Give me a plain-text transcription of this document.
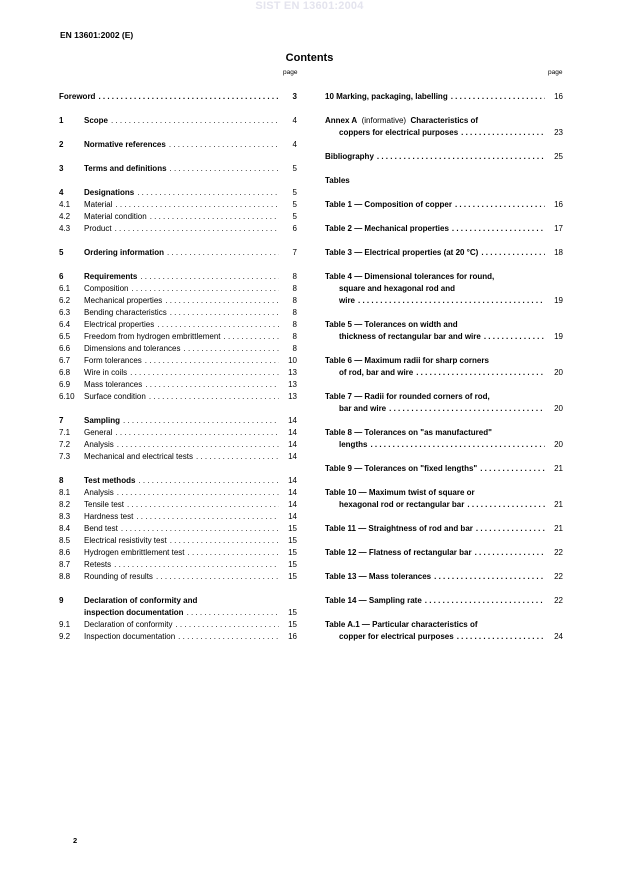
SIST EN 13601:2004
EN 13601:2002 (E)
Contents
page	page
Foreword . . .	3
1	Scope . . .	4
2	Normative references . . .	4
3	Terms and definitions . . .	5
4	Designations . . .	5
4.1	Material . . .	5
4.2	Material condition . . .	5
4.3	Product . . .	6
5	Ordering information . . .	7
6	Requirements . . .	8
6.1	Composition . . .	8
6.2	Mechanical properties . . .	8
6.3	Bending characteristics . . .	8
6.4	Electrical properties . . .	8
6.5	Freedom from hydrogen embrittlement . . .	8
6.6	Dimensions and tolerances . . .	8
6.7	Form tolerances . . .	10
6.8	Wire in coils . . .	13
6.9	Mass tolerances . . .	13
6.10	Surface condition . . .	13
7	Sampling . . .	14
7.1	General . . .	14
7.2	Analysis . . .	14
7.3	Mechanical and electrical tests . . .	14
8	Test methods . . .	14
8.1	Analysis . . .	14
8.2	Tensile test . . .	14
8.3	Hardness test . . .	14
8.4	Bend test . . .	15
8.5	Electrical resistivity test . . .	15
8.6	Hydrogen embrittlement test . . .	15
8.7	Retests . . .	15
8.8	Rounding of results . . .	15
9	Declaration of conformity and
inspection documentation . . .	15
9.1	Declaration of conformity . . .	15
9.2	Inspection documentation . . .	16
10 Marking, packaging, labelling . . .	16
Annex A (informative) Characteristics of
coppers for electrical purposes . . .	23
Bibliography . . .	25
Tables
Table 1 — Composition of copper . . .	16
Table 2 — Mechanical properties . . .	17
Table 3 — Electrical properties (at 20 °C) . . .	18
Table 4 — Dimensional tolerances for round,
square and hexagonal rod and
wire . . .	19
Table 5 — Tolerances on width and
thickness of rectangular bar and wire . . .	19
Table 6 — Maximum radii for sharp corners
of rod, bar and wire . . .	20
Table 7 — Radii for rounded corners of rod,
bar and wire . . .	20
Table 8 — Tolerances on "as manufactured"
lengths . . .	20
Table 9 — Tolerances on "fixed lengths" . . .	21
Table 10 — Maximum twist of square or
hexagonal rod or rectangular bar . . .	21
Table 11 — Straightness of rod and bar . . .	21
Table 12 — Flatness of rectangular bar . . .	22
Table 13 — Mass tolerances . . .	22
Table 14 — Sampling rate . . .	22
Table A.1 — Particular characteristics of
copper for electrical purposes . . .	24
2
